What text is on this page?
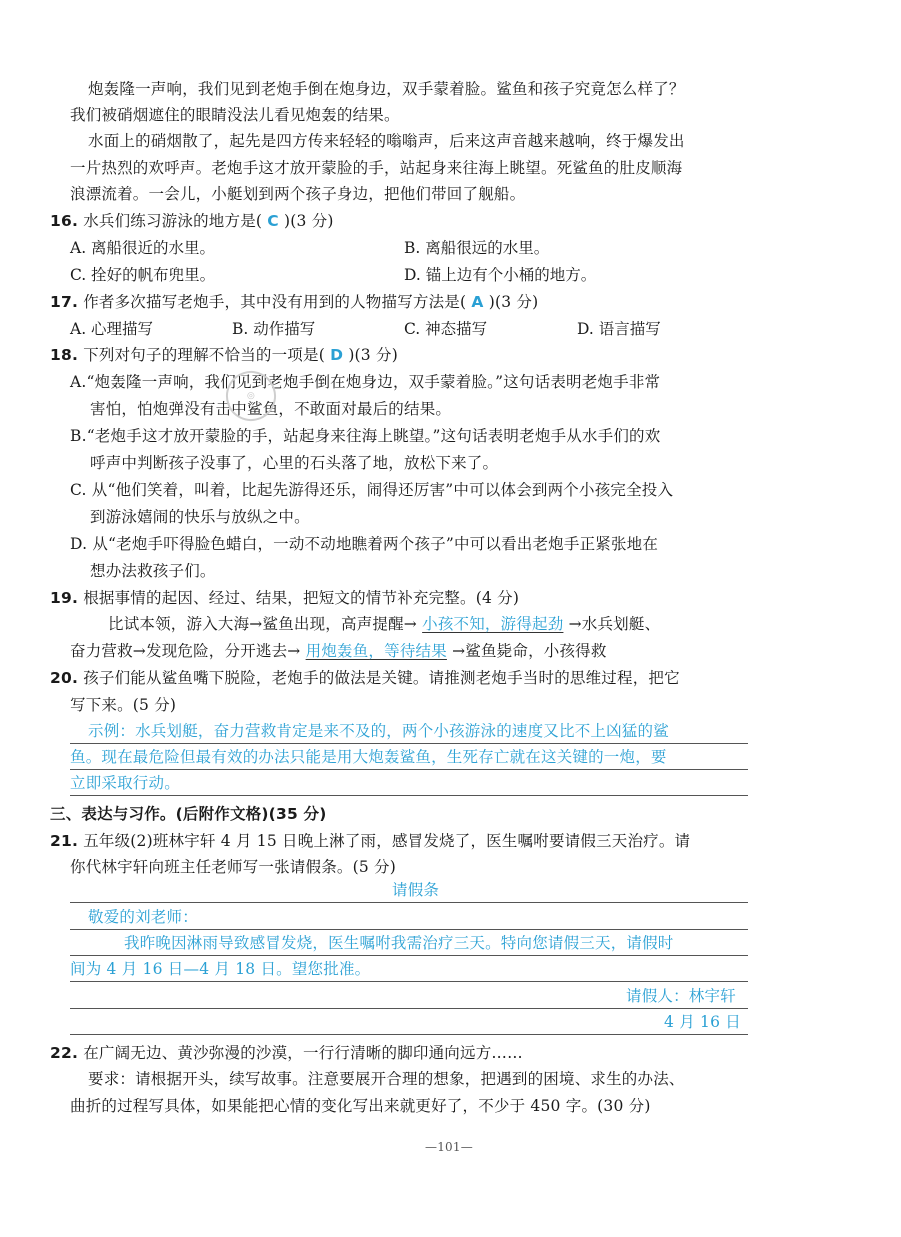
炮轰隆一声响，我们见到老炮手倒在炮身边，双手蒙着脸。鲨鱼和孩子究竟怎么样了？
我们被硝烟遮住的眼睛没法儿看见炮轰的结果。
水面上的硝烟散了，起先是四方传来轻轻的嗡嗡声，后来这声音越来越响，终于爆发出
一片热烈的欢呼声。老炮手这才放开蒙脸的手，站起身来往海上眺望。死鲨鱼的肚皮顺海
浪漂流着。一会儿，小艇划到两个孩子身边，把他们带回了舰船。
16. 水兵们练习游泳的地方是( C )(3 分)
A. 离船很近的水里。	B. 离船很远的水里。
C. 拴好的帆布兜里。	D. 锚上边有个小桶的地方。
17. 作者多次描写老炮手，其中没有用到的人物描写方法是( A )(3 分)
A. 心理描写	B. 动作描写	C. 神态描写	D. 语言描写
18. 下列对句子的理解不恰当的一项是( D )(3 分)
A.“炮轰隆一声响，我们见到老炮手倒在炮身边，双手蒙着脸。”这句话表明老炮手非常
害怕，怕炮弹没有击中鲨鱼，不敢面对最后的结果。
◎
B.“老炮手这才放开蒙脸的手，站起身来往海上眺望。”这句话表明老炮手从水手们的欢
呼声中判断孩子没事了，心里的石头落了地，放松下来了。
C. 从“他们笑着，叫着，比起先游得还乐，闹得还厉害”中可以体会到两个小孩完全投入
到游泳嬉闹的快乐与放纵之中。
D. 从“老炮手吓得脸色蜡白，一动不动地瞧着两个孩子”中可以看出老炮手正紧张地在
想办法救孩子们。
19. 根据事情的起因、经过、结果，把短文的情节补充完整。(4 分)
比试本领，游入大海→鲨鱼出现，高声提醒→ 小孩不知，游得起劲 →水兵划艇、
奋力营救→发现危险，分开逃去→ 用炮轰鱼，等待结果 →鲨鱼毙命，小孩得救
20. 孩子们能从鲨鱼嘴下脱险，老炮手的做法是关键。请推测老炮手当时的思维过程，把它
写下来。(5 分)
示例：水兵划艇，奋力营救肯定是来不及的，两个小孩游泳的速度又比不上凶猛的鲨
鱼。现在最危险但最有效的办法只能是用大炮轰鲨鱼，生死存亡就在这关键的一炮，要
立即采取行动。
三、表达与习作。(后附作文格)(35 分)
21. 五年级(2)班林宇轩 4 月 15 日晚上淋了雨，感冒发烧了，医生嘱咐要请假三天治疗。请
你代林宇轩向班主任老师写一张请假条。(5 分)
请假条
敬爱的刘老师：
我昨晚因淋雨导致感冒发烧，医生嘱咐我需治疗三天。特向您请假三天，请假时
间为 4 月 16 日—4 月 18 日。望您批准。
请假人：林宇轩
4 月 16 日
22. 在广阔无边、黄沙弥漫的沙漠，一行行清晰的脚印通向远方……
要求：请根据开头，续写故事。注意要展开合理的想象，把遇到的困境、求生的办法、
曲折的过程写具体，如果能把心情的变化写出来就更好了，不少于 450 字。(30 分)
—101—
